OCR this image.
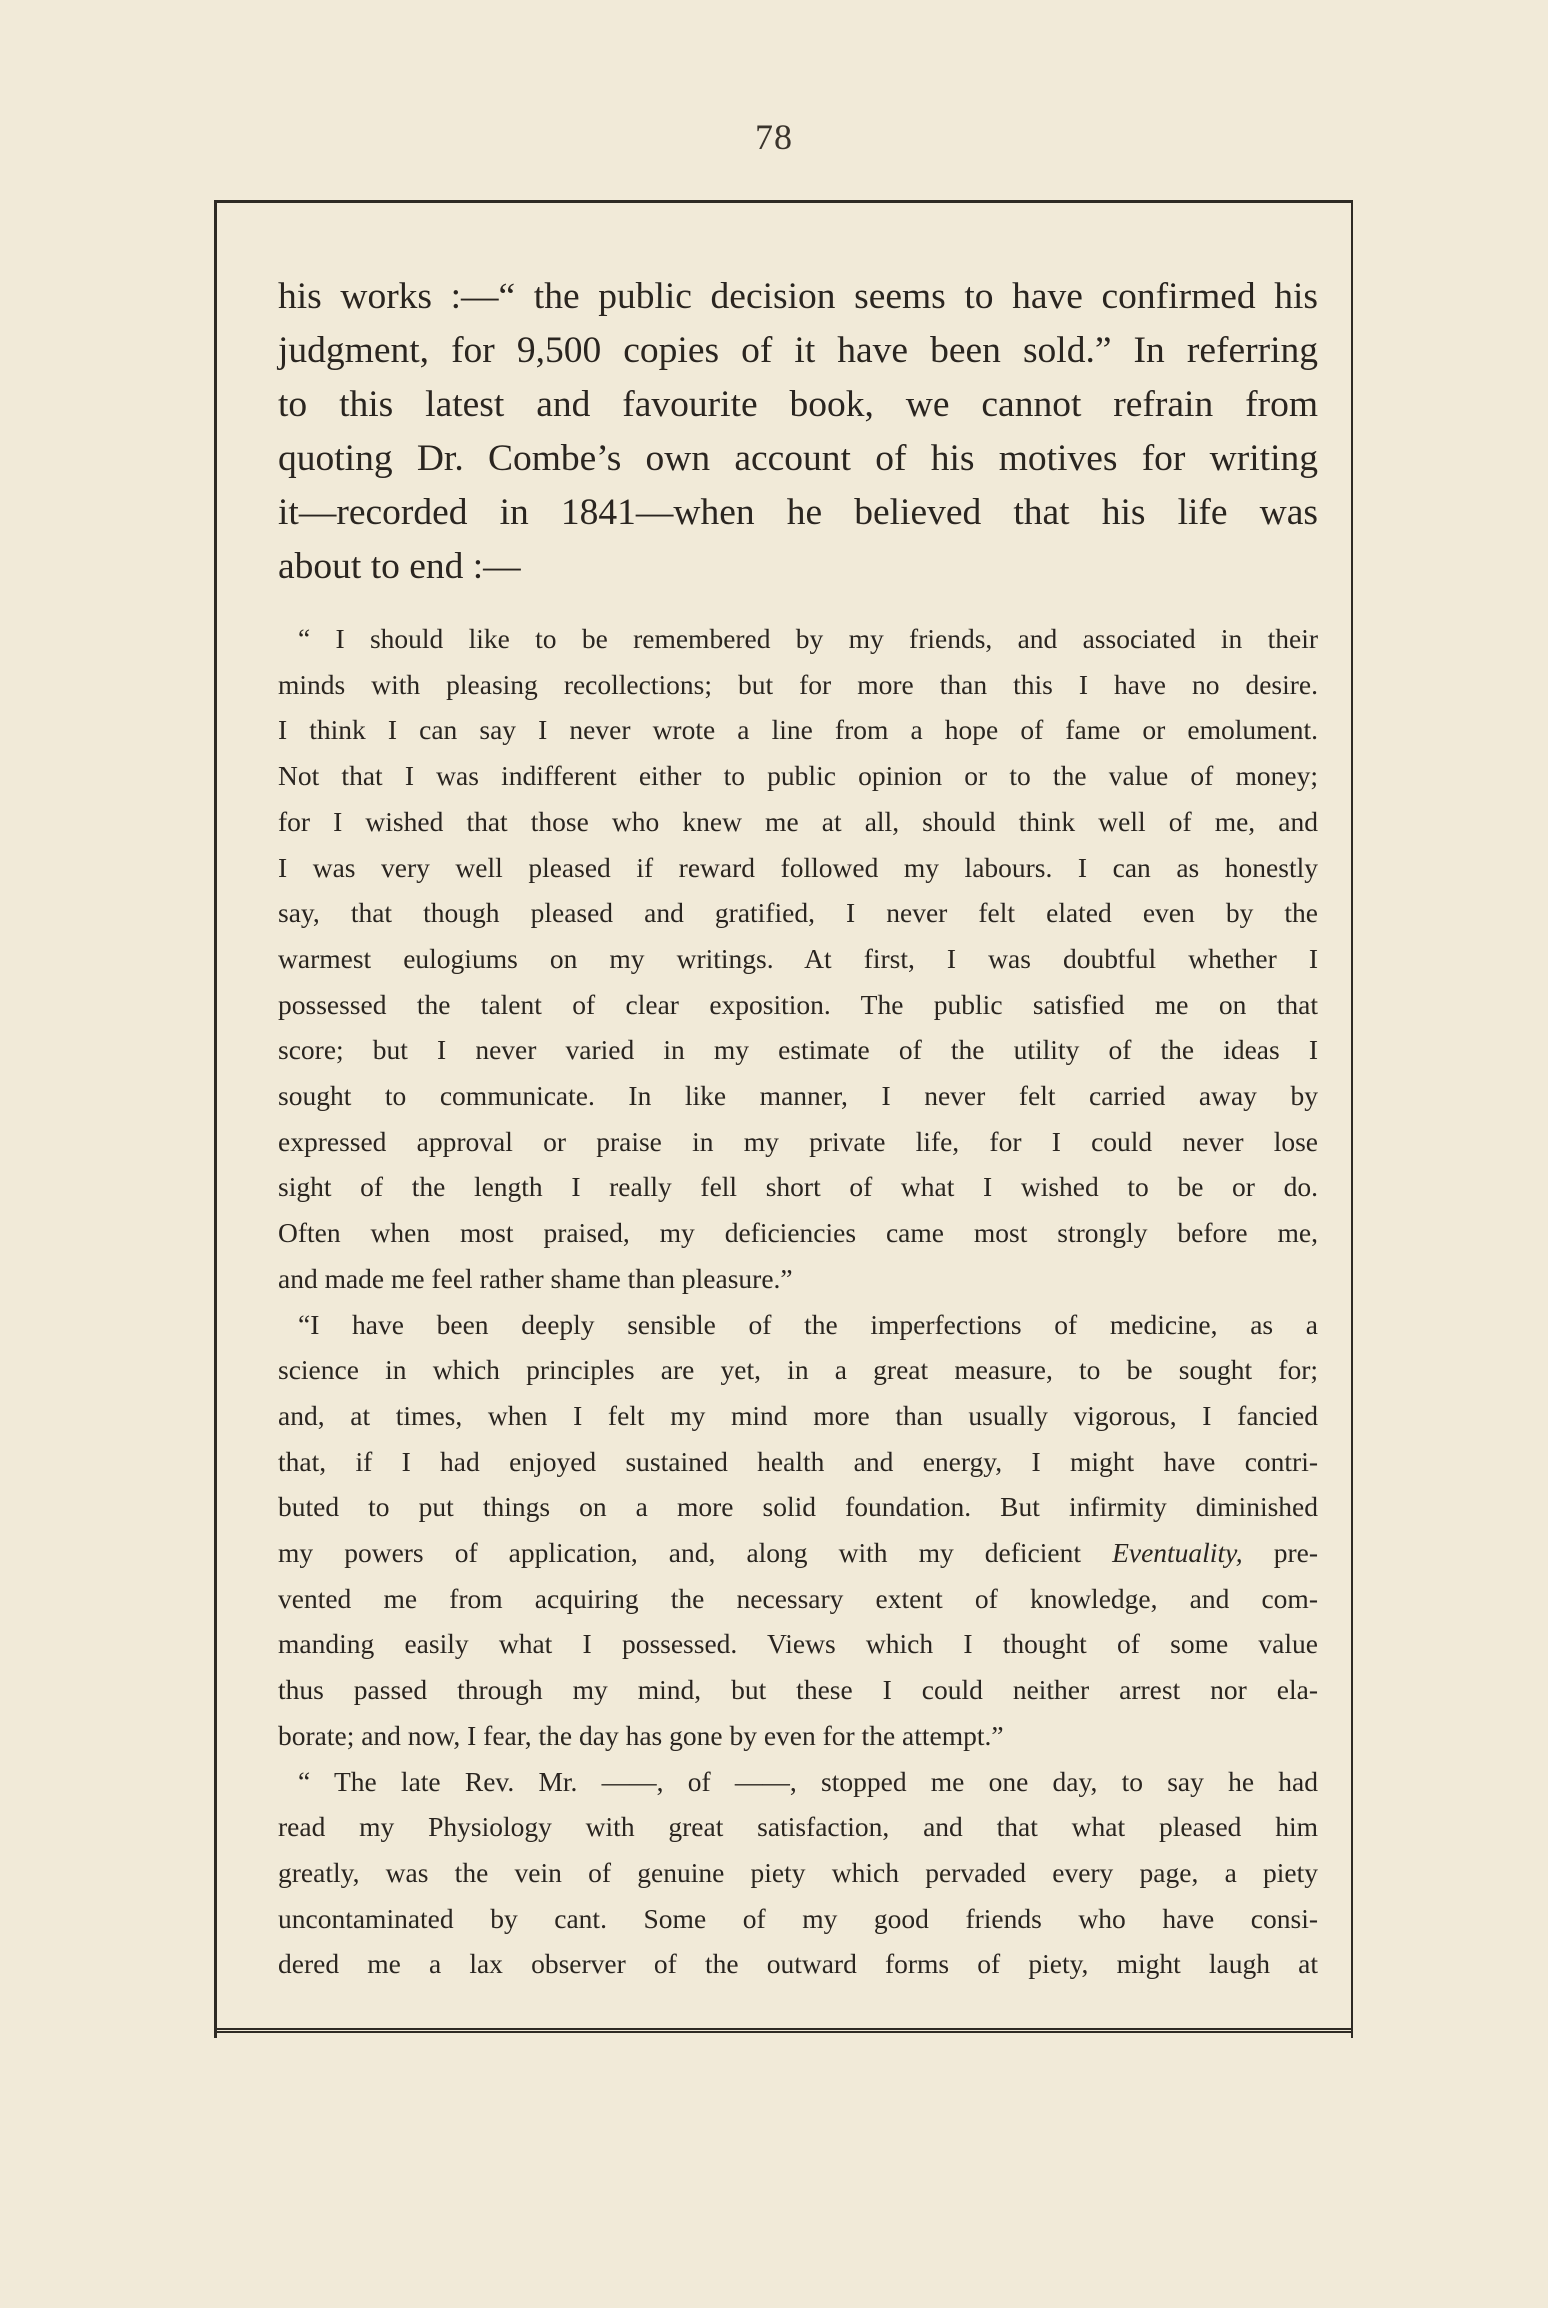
78

his works :—“ the public decision seems to have confirmed his

judgment, for 9,500 copies of it have been sold.” In referring

to this latest and favourite book, we cannot refrain from

quoting Dr. Combe’s own account of his motives for writing

it—recorded in 1841—when he believed that his life was

about to end :—

“ I should like to be remembered by my friends, and associated in their

minds with pleasing recollections; but for more than this I have no desire.

I think I can say I never wrote a line from a hope of fame or emolument.

Not that I was indifferent either to public opinion or to the value of money;

for I wished that those who knew me at all, should think well of me, and

I was very well pleased if reward followed my labours. I can as honestly

say, that though pleased and gratified, I never felt elated even by the

warmest eulogiums on my writings. At first, I was doubtful whether I

possessed the talent of clear exposition. The public satisfied me on that

score; but I never varied in my estimate of the utility of the ideas I

sought to communicate. In like manner, I never felt carried away by

expressed approval or praise in my private life, for I could never lose

sight of the length I really fell short of what I wished to be or do.

Often when most praised, my deficiencies came most strongly before me,

and made me feel rather shame than pleasure.”

“I have been deeply sensible of the imperfections of medicine, as a

science in which principles are yet, in a great measure, to be sought for;

and, at times, when I felt my mind more than usually vigorous, I fancied

that, if I had enjoyed sustained health and energy, I might have contri-

buted to put things on a more solid foundation. But infirmity diminished

my powers of application, and, along with my deficient Eventuality, pre-

vented me from acquiring the necessary extent of knowledge, and com-

manding easily what I possessed. Views which I thought of some value

thus passed through my mind, but these I could neither arrest nor ela-

borate; and now, I fear, the day has gone by even for the attempt.”

“ The late Rev. Mr. ——, of ——, stopped me one day, to say he had

read my Physiology with great satisfaction, and that what pleased him

greatly, was the vein of genuine piety which pervaded every page, a piety

uncontaminated by cant. Some of my good friends who have consi-

dered me a lax observer of the outward forms of piety, might laugh at
